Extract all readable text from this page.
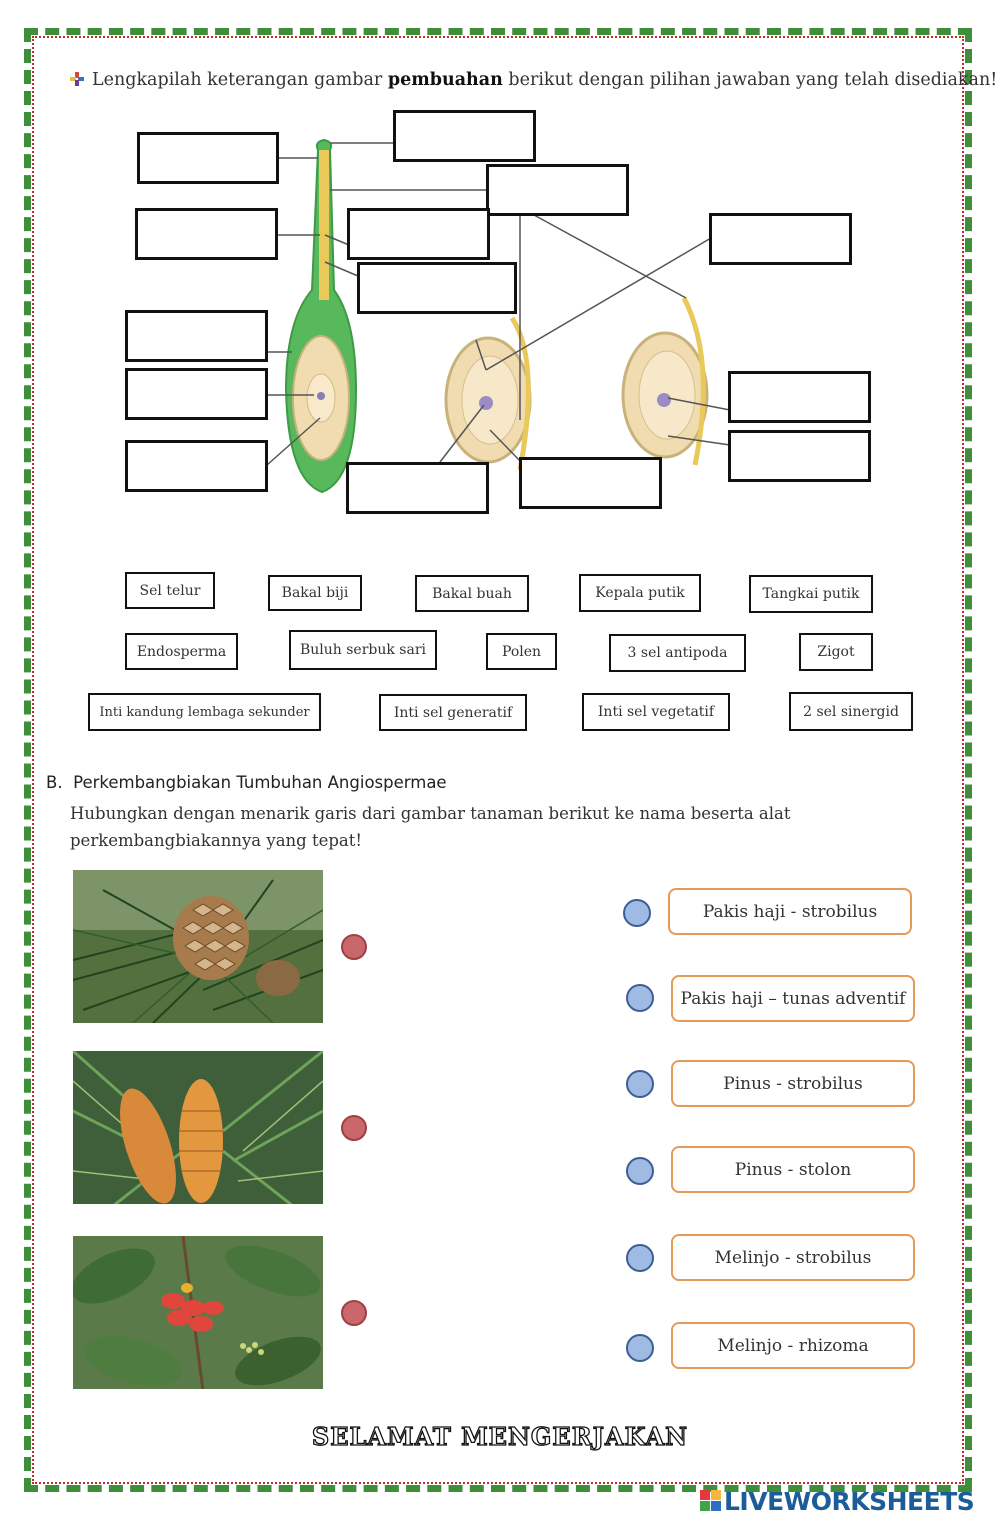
Lengkapilah keterangan gambar pembuahan berikut dengan pilihan jawaban yang telah disediakan!
Sel telur	Bakal biji	Bakal buah	Kepala putik	Tangkai putik
Endosperma	Buluh serbuk sari	Polen	3 sel antipoda	Zigot
Inti kandung lembaga sekunder	Inti sel generatif	Inti sel vegetatif	2 sel sinergid
B. Perkembangbiakan Tumbuhan Angiospermae
Hubungkan dengan menarik garis dari gambar tanaman berikut ke nama beserta alat perkembangbiakannya yang tepat!
Pakis haji - strobilus
Pakis haji – tunas adventif
Pinus - strobilus
Pinus - stolon
Melinjo - strobilus
Melinjo - rhizoma
SELAMAT MENGERJAKAN
LIVEWORKSHEETS
